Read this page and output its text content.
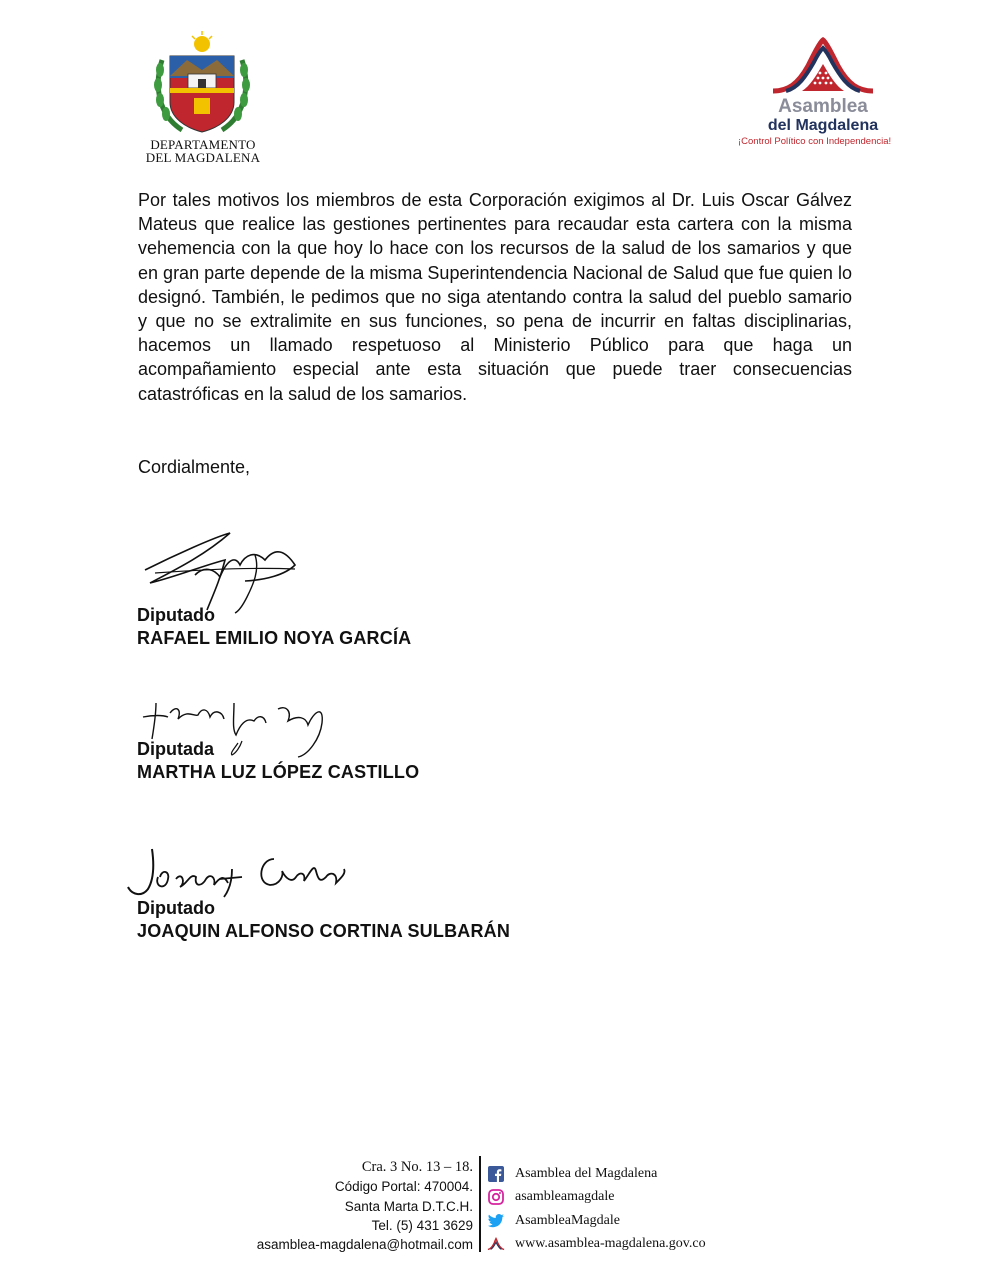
DEPARTAMENTO
DEL MAGDALENA
Asamblea
del Magdalena
¡Control Político con Independencia!

Por tales motivos los miembros de esta Corporación exigimos al Dr. Luis Oscar Gálvez Mateus que realice las gestiones pertinentes para recaudar esta cartera con la misma vehemencia con la que hoy lo hace con los recursos de la salud de los samarios y que en gran parte depende de la misma Superintendencia Nacional de Salud que fue quien lo designó. También, le pedimos que no siga atentando contra la salud del pueblo samario y que no se extralimite en sus funciones, so pena de incurrir en faltas disciplinarias, hacemos un llamado respetuoso al Ministerio Público para que haga un acompañamiento especial ante esta situación que puede traer consecuencias catastróficas en la salud de los samarios.

Cordialmente,
Diputado
RAFAEL EMILIO NOYA GARCÍA
Diputada
MARTHA LUZ LÓPEZ CASTILLO
Diputado
JOAQUIN ALFONSO CORTINA SULBARÁN
Cra. 3 No. 13 – 18.
Código Portal: 470004.
Santa Marta D.T.C.H.
Tel. (5) 431 3629
asamblea-magdalena@hotmail.com
Asamblea del Magdalena
asambleamagdale
AsambleaMagdale
www.asamblea-magdalena.gov.co
